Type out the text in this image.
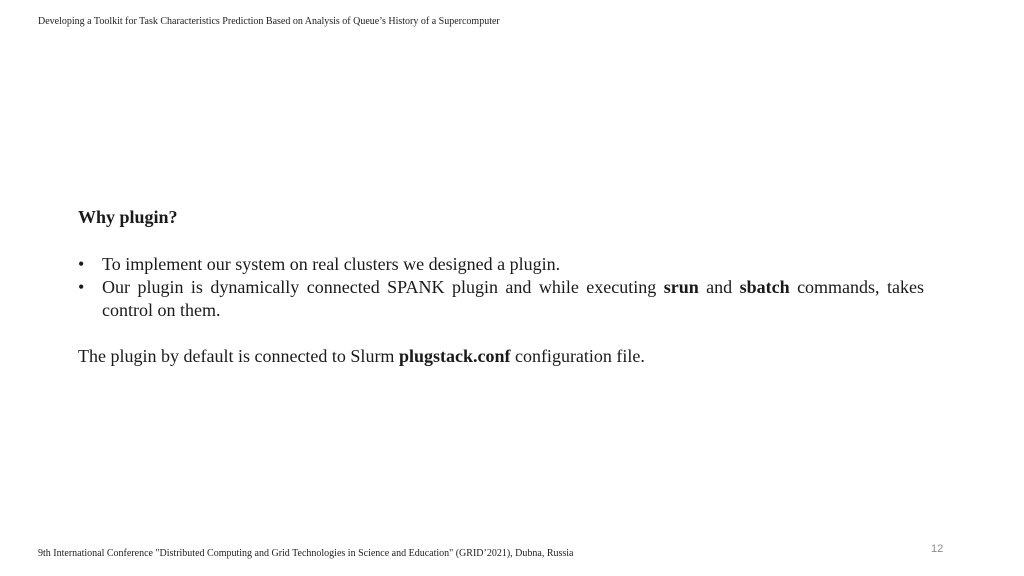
Developing a Toolkit for Task Characteristics Prediction Based on Analysis of Queue’s History of a Supercomputer

Why plugin?

• To implement our system on real clusters we designed a plugin.
• Our plugin is dynamically connected SPANK plugin and while executing srun and sbatch commands, takes control on them.

The plugin by default is connected to Slurm plugstack.conf configuration file.

9th International Conference "Distributed Computing and Grid Technologies in Science and Education" (GRID’2021), Dubna, Russia	12
